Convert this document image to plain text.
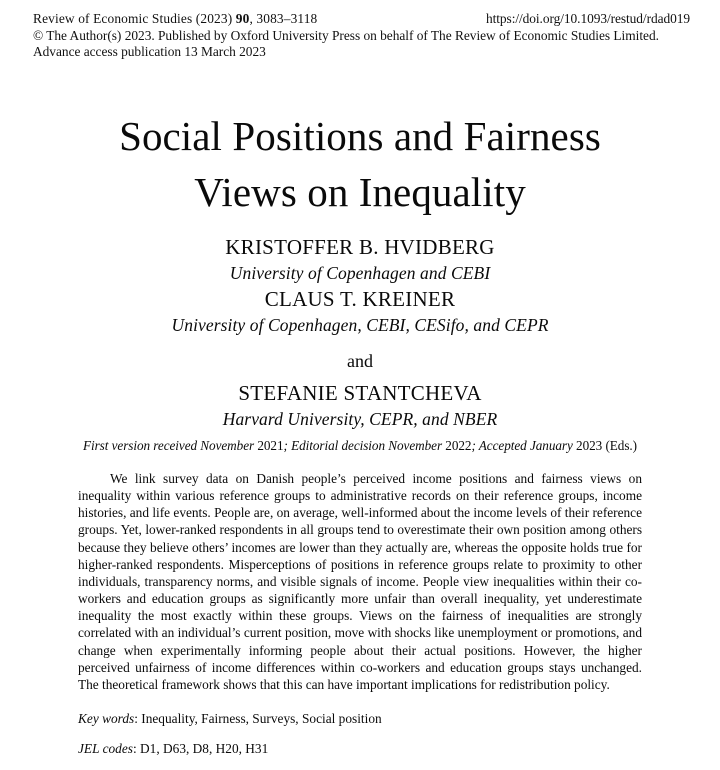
Review of Economic Studies (2023) 90, 3083–3118	https://doi.org/10.1093/restud/rdad019
© The Author(s) 2023. Published by Oxford University Press on behalf of The Review of Economic Studies Limited.
Advance access publication 13 March 2023
Social Positions and Fairness
Views on Inequality
KRISTOFFER B. HVIDBERG
University of Copenhagen and CEBI
CLAUS T. KREINER
University of Copenhagen, CEBI, CESifo, and CEPR
and
STEFANIE STANTCHEVA
Harvard University, CEPR, and NBER
First version received November 2021; Editorial decision November 2022; Accepted January 2023 (Eds.)

We link survey data on Danish people’s perceived income positions and fairness views on inequality within various reference groups to administrative records on their reference groups, income histories, and life events. People are, on average, well-informed about the income levels of their reference groups. Yet, lower-ranked respondents in all groups tend to overestimate their own position among others because they believe others’ incomes are lower than they actually are, whereas the opposite holds true for higher-ranked respondents. Misperceptions of positions in reference groups relate to proximity to other individuals, transparency norms, and visible signals of income. People view inequalities within their co-workers and education groups as significantly more unfair than overall inequality, yet underestimate inequality the most exactly within these groups. Views on the fairness of inequalities are strongly correlated with an individual’s current position, move with shocks like unemployment or promotions, and change when experimentally informing people about their actual positions. However, the higher perceived unfairness of income differences within co-workers and education groups stays unchanged. The theoretical framework shows that this can have important implications for redistribution policy.

Key words: Inequality, Fairness, Surveys, Social position
JEL codes: D1, D63, D8, H20, H31
